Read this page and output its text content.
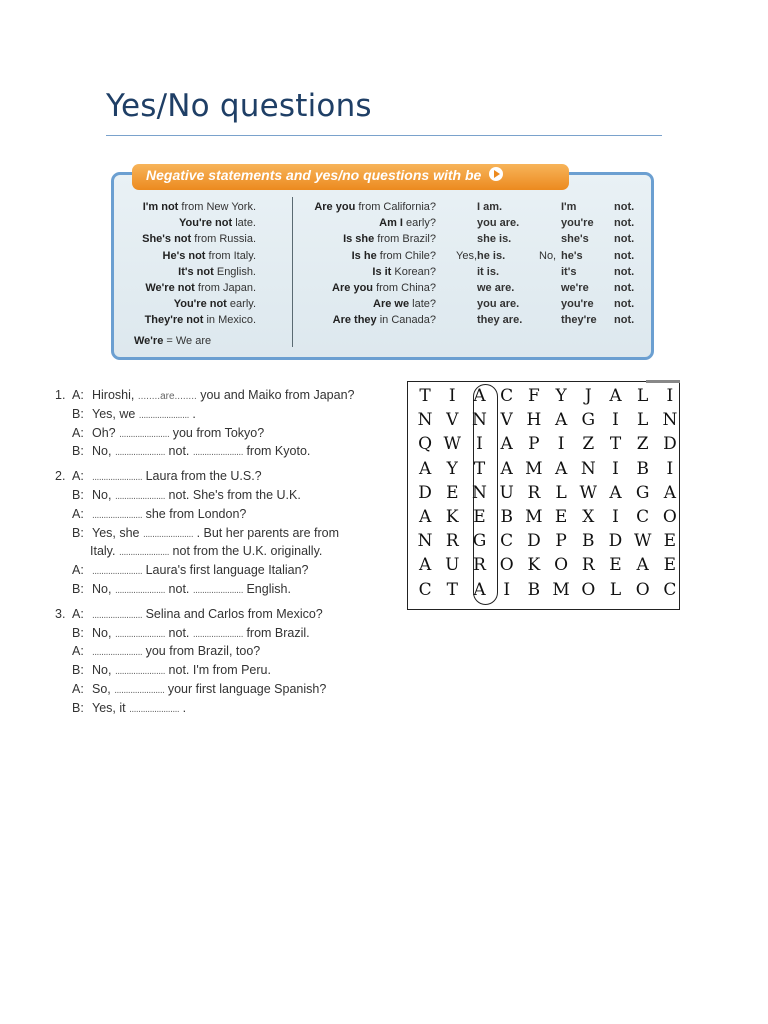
Yes/No questions
Negative statements and yes/no questions with be
I'm not from New York.	Are you from California?	I am.	I'm	not.
You're not late.	Am I early?	you are.	you're not.
She's not from Russia.	Is she from Brazil?	she is.	she's not.
He's not from Italy.	Is he from Chile? Yes, he is.	No, he's	not.
It's not English.	Is it Korean?	it is.	it's	not.
We're not from Japan.	Are you from China?	we are.	we're not.
You're not early.	Are we late?	you are.	you're not.
They're not in Mexico.	Are they in Canada?	they are.	they're not.
We're = We are
1. A: Hiroshi, ........are........ you and Maiko from Japan?
B: Yes, we ...................... .
A: Oh? ...................... you from Tokyo?
B: No, ...................... not. ...................... from Kyoto.
2. A: ...................... Laura from the U.S.?
B: No, ...................... not. She's from the U.K.
A: ...................... she from London?
B: Yes, she ...................... . But her parents are from
Italy. ...................... not from the U.K. originally.
A: ...................... Laura's first language Italian?
B: No, ...................... not. ...................... English.
3. A: ...................... Selina and Carlos from Mexico?
B: No, ...................... not. ...................... from Brazil.
A: ...................... you from Brazil, too?
B: No, ...................... not. I'm from Peru.
A: So, ...................... your first language Spanish?
B: Yes, it ...................... .
T	I	A C F Y	J	A L	I
N V N V H A G	I	L N
Q W I	A P	I	Z T Z D
A Y T A M A N I	B	I
D E N U R L W A G A
A K E B M E X	I	C O
N R G C D P B D W E
A U R O K O R E A E
C T A	I	B M O L O C
